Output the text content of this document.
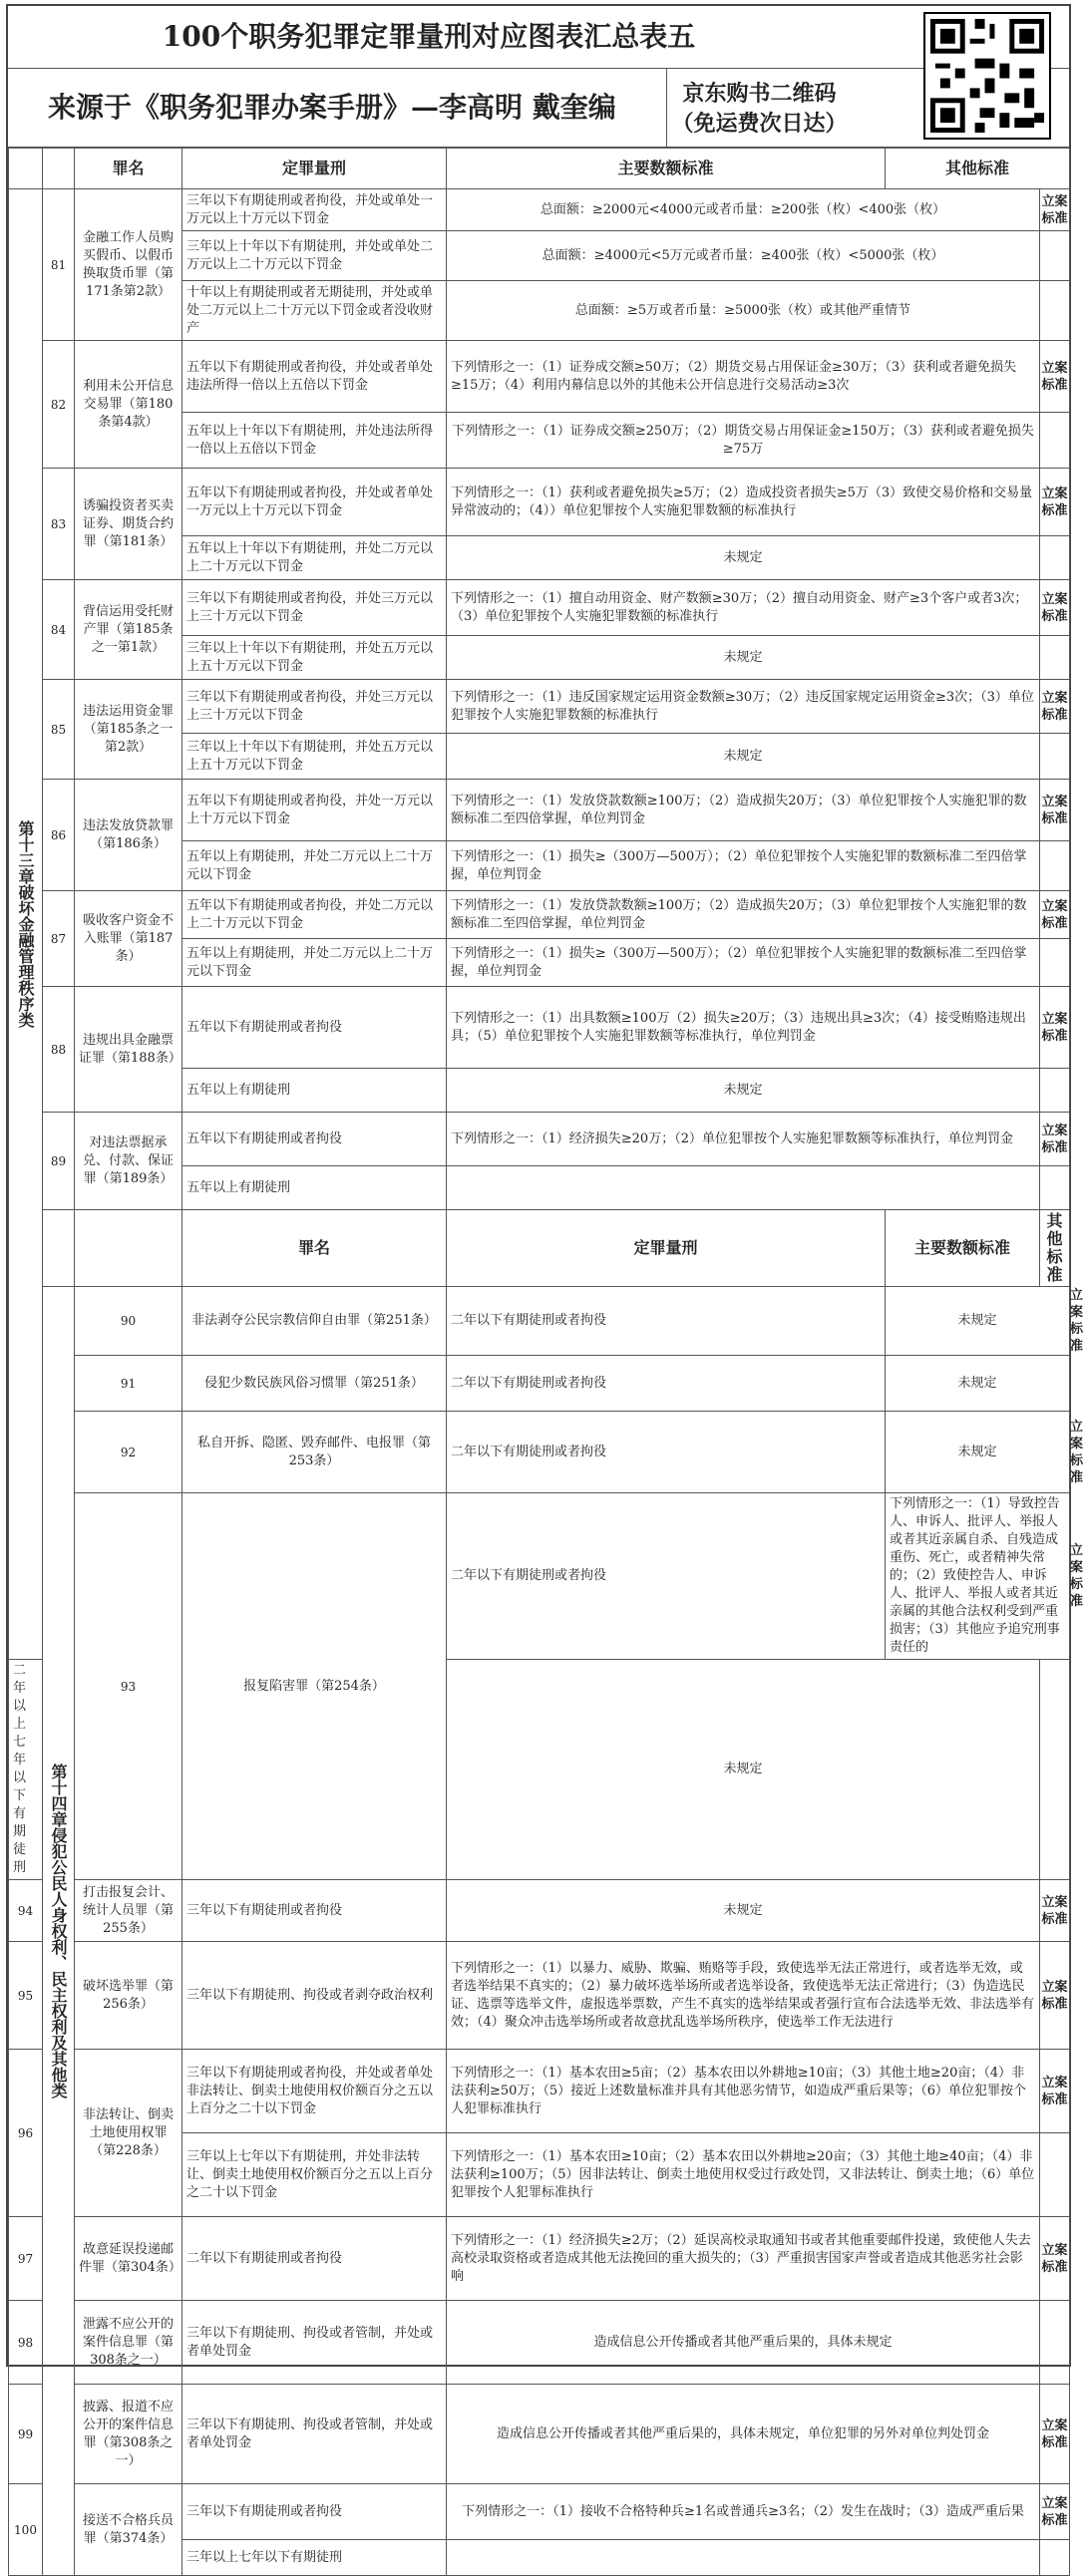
100个职务犯罪定罪量刑对应图表汇总表五
来源于《职务犯罪办案手册》—李高明 戴奎编	京东购书二维码
（免运费次日达）
		罪名	定罪量刑	主要数额标准	其他标准		
第十三章破坏金融管理秩序类	81	金融工作人员购买假币、以假币换取货币罪（第171条第2款）	三年以下有期徒刑或者拘役，并处或单处一万元以上十万元以下罚金	总面额：≥2000元<4000元或者币量：≥200张（枚）<400张（枚）		立案标准	
			三年以上十年以下有期徒刑，并处或单处二万元以上二十万元以下罚金	总面额：≥4000元<5万元或者币量：≥400张（枚）<5000张（枚）			
			十年以上有期徒刑或者无期徒刑，并处或单处二万元以上二十万元以下罚金或者没收财产	总面额：≥5万或者币量：≥5000张（枚）或其他严重情节			
	82	利用未公开信息交易罪（第180条第4款）	五年以下有期徒刑或者拘役，并处或者单处违法所得一倍以上五倍以下罚金	下列情形之一：（1）证券成交额≥50万；（2）期货交易占用保证金≥30万；（3）获利或者避免损失≥15万；（4）利用内幕信息以外的其他未公开信息进行交易活动≥3次		立案标准	
			五年以上十年以下有期徒刑，并处违法所得一倍以上五倍以下罚金	下列情形之一：（1）证券成交额≥250万；（2）期货交易占用保证金≥150万；（3）获利或者避免损失≥75万			
	83	诱骗投资者买卖证券、期货合约罪（第181条）	五年以下有期徒刑或者拘役，并处或者单处一万元以上十万元以下罚金	下列情形之一：（1）获利或者避免损失≥5万；（2）造成投资者损失≥5万（3）致使交易价格和交易量异常波动的；（4））单位犯罪按个人实施犯罪数额的标准执行		立案标准	
			五年以上十年以下有期徒刑，并处二万元以上二十万元以下罚金	未规定			
	84	背信运用受托财产罪（第185条之一第1款）	三年以下有期徒刑或者拘役，并处三万元以上三十万元以下罚金	下列情形之一：（1）擅自动用资金、财产数额≥30万；（2）擅自动用资金、财产≥3个客户或者3次；（3）单位犯罪按个人实施犯罪数额的标准执行		立案标准	
			三年以上十年以下有期徒刑，并处五万元以上五十万元以下罚金	未规定			
	85	违法运用资金罪（第185条之一第2款）	三年以下有期徒刑或者拘役，并处三万元以上三十万元以下罚金	下列情形之一：（1）违反国家规定运用资金数额≥30万；（2）违反国家规定运用资金≥3次；（3）单位犯罪按个人实施犯罪数额的标准执行		立案标准	
			三年以上十年以下有期徒刑，并处五万元以上五十万元以下罚金	未规定			
	86	违法发放贷款罪（第186条）	五年以下有期徒刑或者拘役，并处一万元以上十万元以下罚金	下列情形之一：（1）发放贷款数额≥100万；（2）造成损失20万；（3）单位犯罪按个人实施犯罪的数额标准二至四倍掌握，单位判罚金		立案标准	
			五年以上有期徒刑，并处二万元以上二十万元以下罚金	下列情形之一：（1）损失≥（300万—500万）；（2）单位犯罪按个人实施犯罪的数额标准二至四倍掌握，单位判罚金			
	87	吸收客户资金不入账罪（第187条）	五年以下有期徒刑或者拘役，并处二万元以上二十万元以下罚金	下列情形之一：（1）发放贷款数额≥100万；（2）造成损失20万；（3）单位犯罪按个人实施犯罪的数额标准二至四倍掌握，单位判罚金		立案标准	
			五年以上有期徒刑，并处二万元以上二十万元以下罚金	下列情形之一：（1）损失≥（300万—500万）；（2）单位犯罪按个人实施犯罪的数额标准二至四倍掌握，单位判罚金			
	88	违规出具金融票证罪（第188条）	五年以下有期徒刑或者拘役	下列情形之一：（1）出具数额≥100万（2）损失≥20万；（3）违规出具≥3次；（4）接受贿赂违规出具；（5）单位犯罪按个人实施犯罪数额等标准执行，单位判罚金		立案标准	
			五年以上有期徒刑	未规定			
	89	对违法票据承兑、付款、保证罪（第189条）	五年以下有期徒刑或者拘役	下列情形之一：（1）经济损失≥20万；（2）单位犯罪按个人实施犯罪数额等标准执行，单位判罚金		立案标准	
			五年以上有期徒刑				
			罪名	定罪量刑	主要数额标准	其他标准	
	第十四章侵犯公民人身权利、民主权利及其他类	90	非法剥夺公民宗教信仰自由罪（第251条）	二年以下有期徒刑或者拘役	未规定		立案标准
		91	侵犯少数民族风俗习惯罪（第251条）	二年以下有期徒刑或者拘役	未规定		
		92	私自开拆、隐匿、毁弃邮件、电报罪（第253条）	二年以下有期徒刑或者拘役	未规定		立案标准
		93	报复陷害罪（第254条）	二年以下有期徒刑或者拘役	下列情形之一：（1）导致控告人、申诉人、批评人、举报人或者其近亲属自杀、自残造成重伤、死亡，或者精神失常的；（2）致使控告人、申诉人、批评人、举报人或者其近亲属的其他合法权利受到严重损害；（3）其他应予追究刑事责任的		立案标准
二年以上七年以下有期徒刑				未规定			
94		打击报复会计、统计人员罪（第255条）	三年以下有期徒刑或者拘役	未规定		立案标准	
95		破坏选举罪（第256条）	三年以下有期徒刑、拘役或者剥夺政治权利	下列情形之一：（1）以暴力、威胁、欺骗、贿赂等手段，致使选举无法正常进行，或者选举无效，或者选举结果不真实的；（2）暴力破坏选举场所或者选举设备，致使选举无法正常进行；（3）伪造选民证、选票等选举文件，虚报选举票数，产生不真实的选举结果或者强行宣布合法选举无效、非法选举有效；（4）聚众冲击选举场所或者故意扰乱选举场所秩序，使选举工作无法进行		立案标准	
96		非法转让、倒卖土地使用权罪（第228条）	三年以下有期徒刑或者拘役，并处或者单处非法转让、倒卖土地使用权价额百分之五以上百分之二十以下罚金	下列情形之一：（1）基本农田≥5亩；（2）基本农田以外耕地≥10亩；（3）其他土地≥20亩；（4）非法获利≥50万；（5）接近上述数量标准并具有其他恶劣情节，如造成严重后果等；（6）单位犯罪按个人犯罪标准执行		立案标准	
			三年以上七年以下有期徒刑，并处非法转让、倒卖土地使用权价额百分之五以上百分之二十以下罚金	下列情形之一：（1）基本农田≥10亩；（2）基本农田以外耕地≥20亩；（3）其他土地≥40亩；（4）非法获利≥100万；（5）因非法转让、倒卖土地使用权受过行政处罚，又非法转让、倒卖土地；（6）单位犯罪按个人犯罪标准执行			
97		故意延误投递邮件罪（第304条）	二年以下有期徒刑或者拘役	下列情形之一：（1）经济损失≥2万；（2）延误高校录取通知书或者其他重要邮件投递，致使他人失去高校录取资格或者造成其他无法挽回的重大损失的；（3）严重损害国家声誉或者造成其他恶劣社会影响		立案标准	
98		泄露不应公开的案件信息罪（第308条之一）	三年以下有期徒刑、拘役或者管制，并处或者单处罚金	造成信息公开传播或者其他严重后果的，具体未规定			
99		披露、报道不应公开的案件信息罪（第308条之一）	三年以下有期徒刑、拘役或者管制，并处或者单处罚金	造成信息公开传播或者其他严重后果的，具体未规定，单位犯罪的另外对单位判处罚金		立案标准	
100		接送不合格兵员罪（第374条）	三年以下有期徒刑或者拘役	下列情形之一：（1）接收不合格特种兵≥1名或普通兵≥3名；（2）发生在战时；（3）造成严重后果		立案标准	
			三年以上七年以下有期徒刑				
